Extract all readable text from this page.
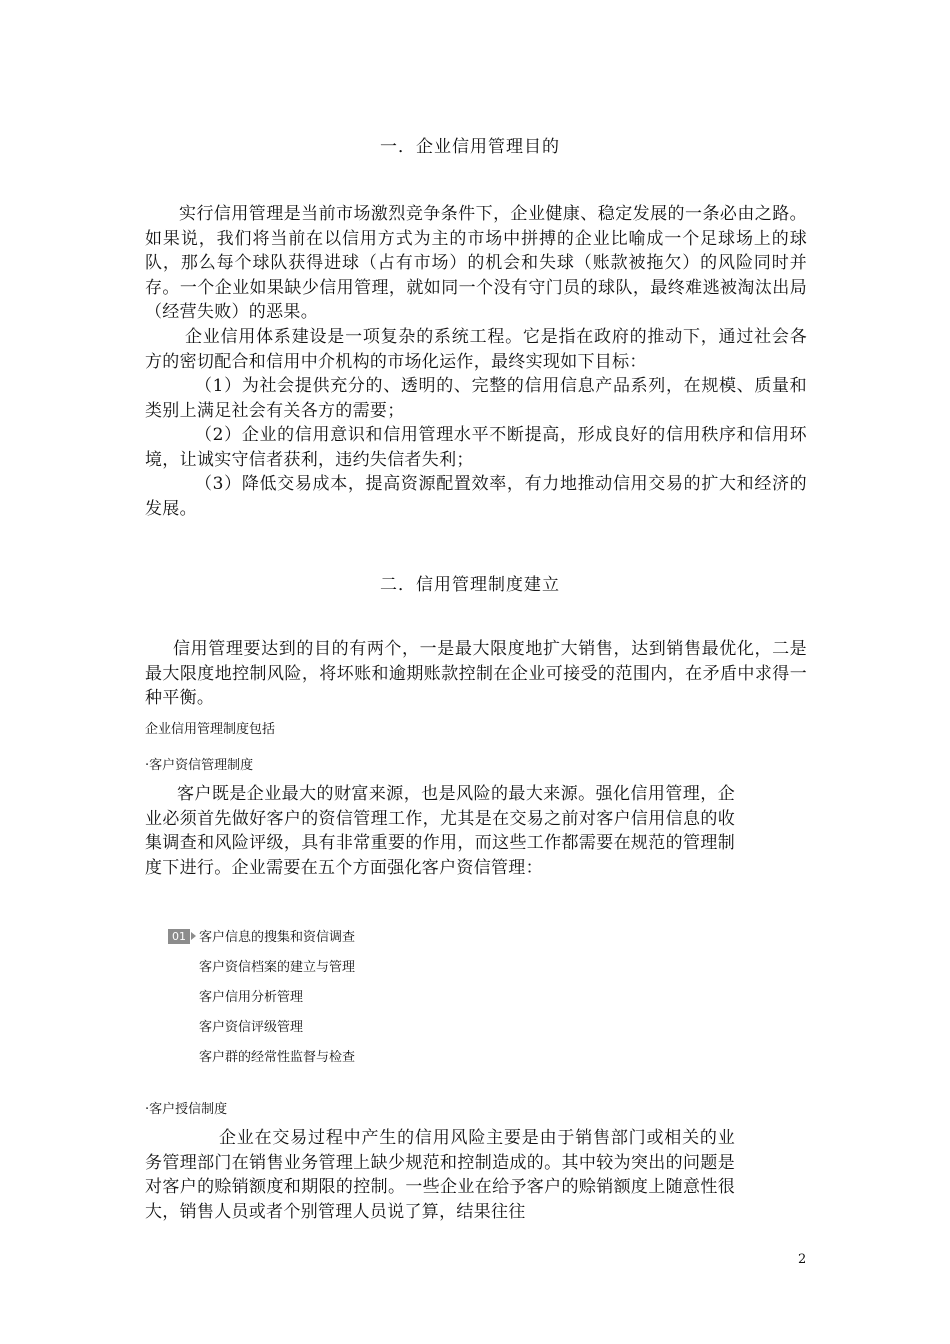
一．企业信用管理目的
实行信用管理是当前市场激烈竞争条件下，企业健康、稳定发展的一条必由之路。如果说，我们将当前在以信用方式为主的市场中拼搏的企业比喻成一个足球场上的球队，那么每个球队获得进球（占有市场）的机会和失球（账款被拖欠）的风险同时并存。一个企业如果缺少信用管理，就如同一个没有守门员的球队，最终难逃被淘汰出局（经营失败）的恶果。
企业信用体系建设是一项复杂的系统工程。它是指在政府的推动下，通过社会各方的密切配合和信用中介机构的市场化运作，最终实现如下目标：
（1）为社会提供充分的、透明的、完整的信用信息产品系列，在规模、质量和类别上满足社会有关各方的需要；
（2）企业的信用意识和信用管理水平不断提高，形成良好的信用秩序和信用环境，让诚实守信者获利，违约失信者失利；
（3）降低交易成本，提高资源配置效率，有力地推动信用交易的扩大和经济的发展。
二．信用管理制度建立
信用管理要达到的目的有两个，一是最大限度地扩大销售，达到销售最优化，二是最大限度地控制风险，将坏账和逾期账款控制在企业可接受的范围内，在矛盾中求得一种平衡。
企业信用管理制度包括
·客户资信管理制度
客户既是企业最大的财富来源，也是风险的最大来源。强化信用管理，企业必须首先做好客户的资信管理工作，尤其是在交易之前对客户信用信息的收集调查和风险评级，具有非常重要的作用，而这些工作都需要在规范的管理制度下进行。企业需要在五个方面强化客户资信管理：
01	客户信息的搜集和资信调查
客户资信档案的建立与管理
客户信用分析管理
客户资信评级管理
客户群的经常性监督与检查
·客户授信制度
企业在交易过程中产生的信用风险主要是由于销售部门或相关的业务管理部门在销售业务管理上缺少规范和控制造成的。其中较为突出的问题是对客户的赊销额度和期限的控制。一些企业在给予客户的赊销额度上随意性很大，销售人员或者个别管理人员说了算，结果往往
2
